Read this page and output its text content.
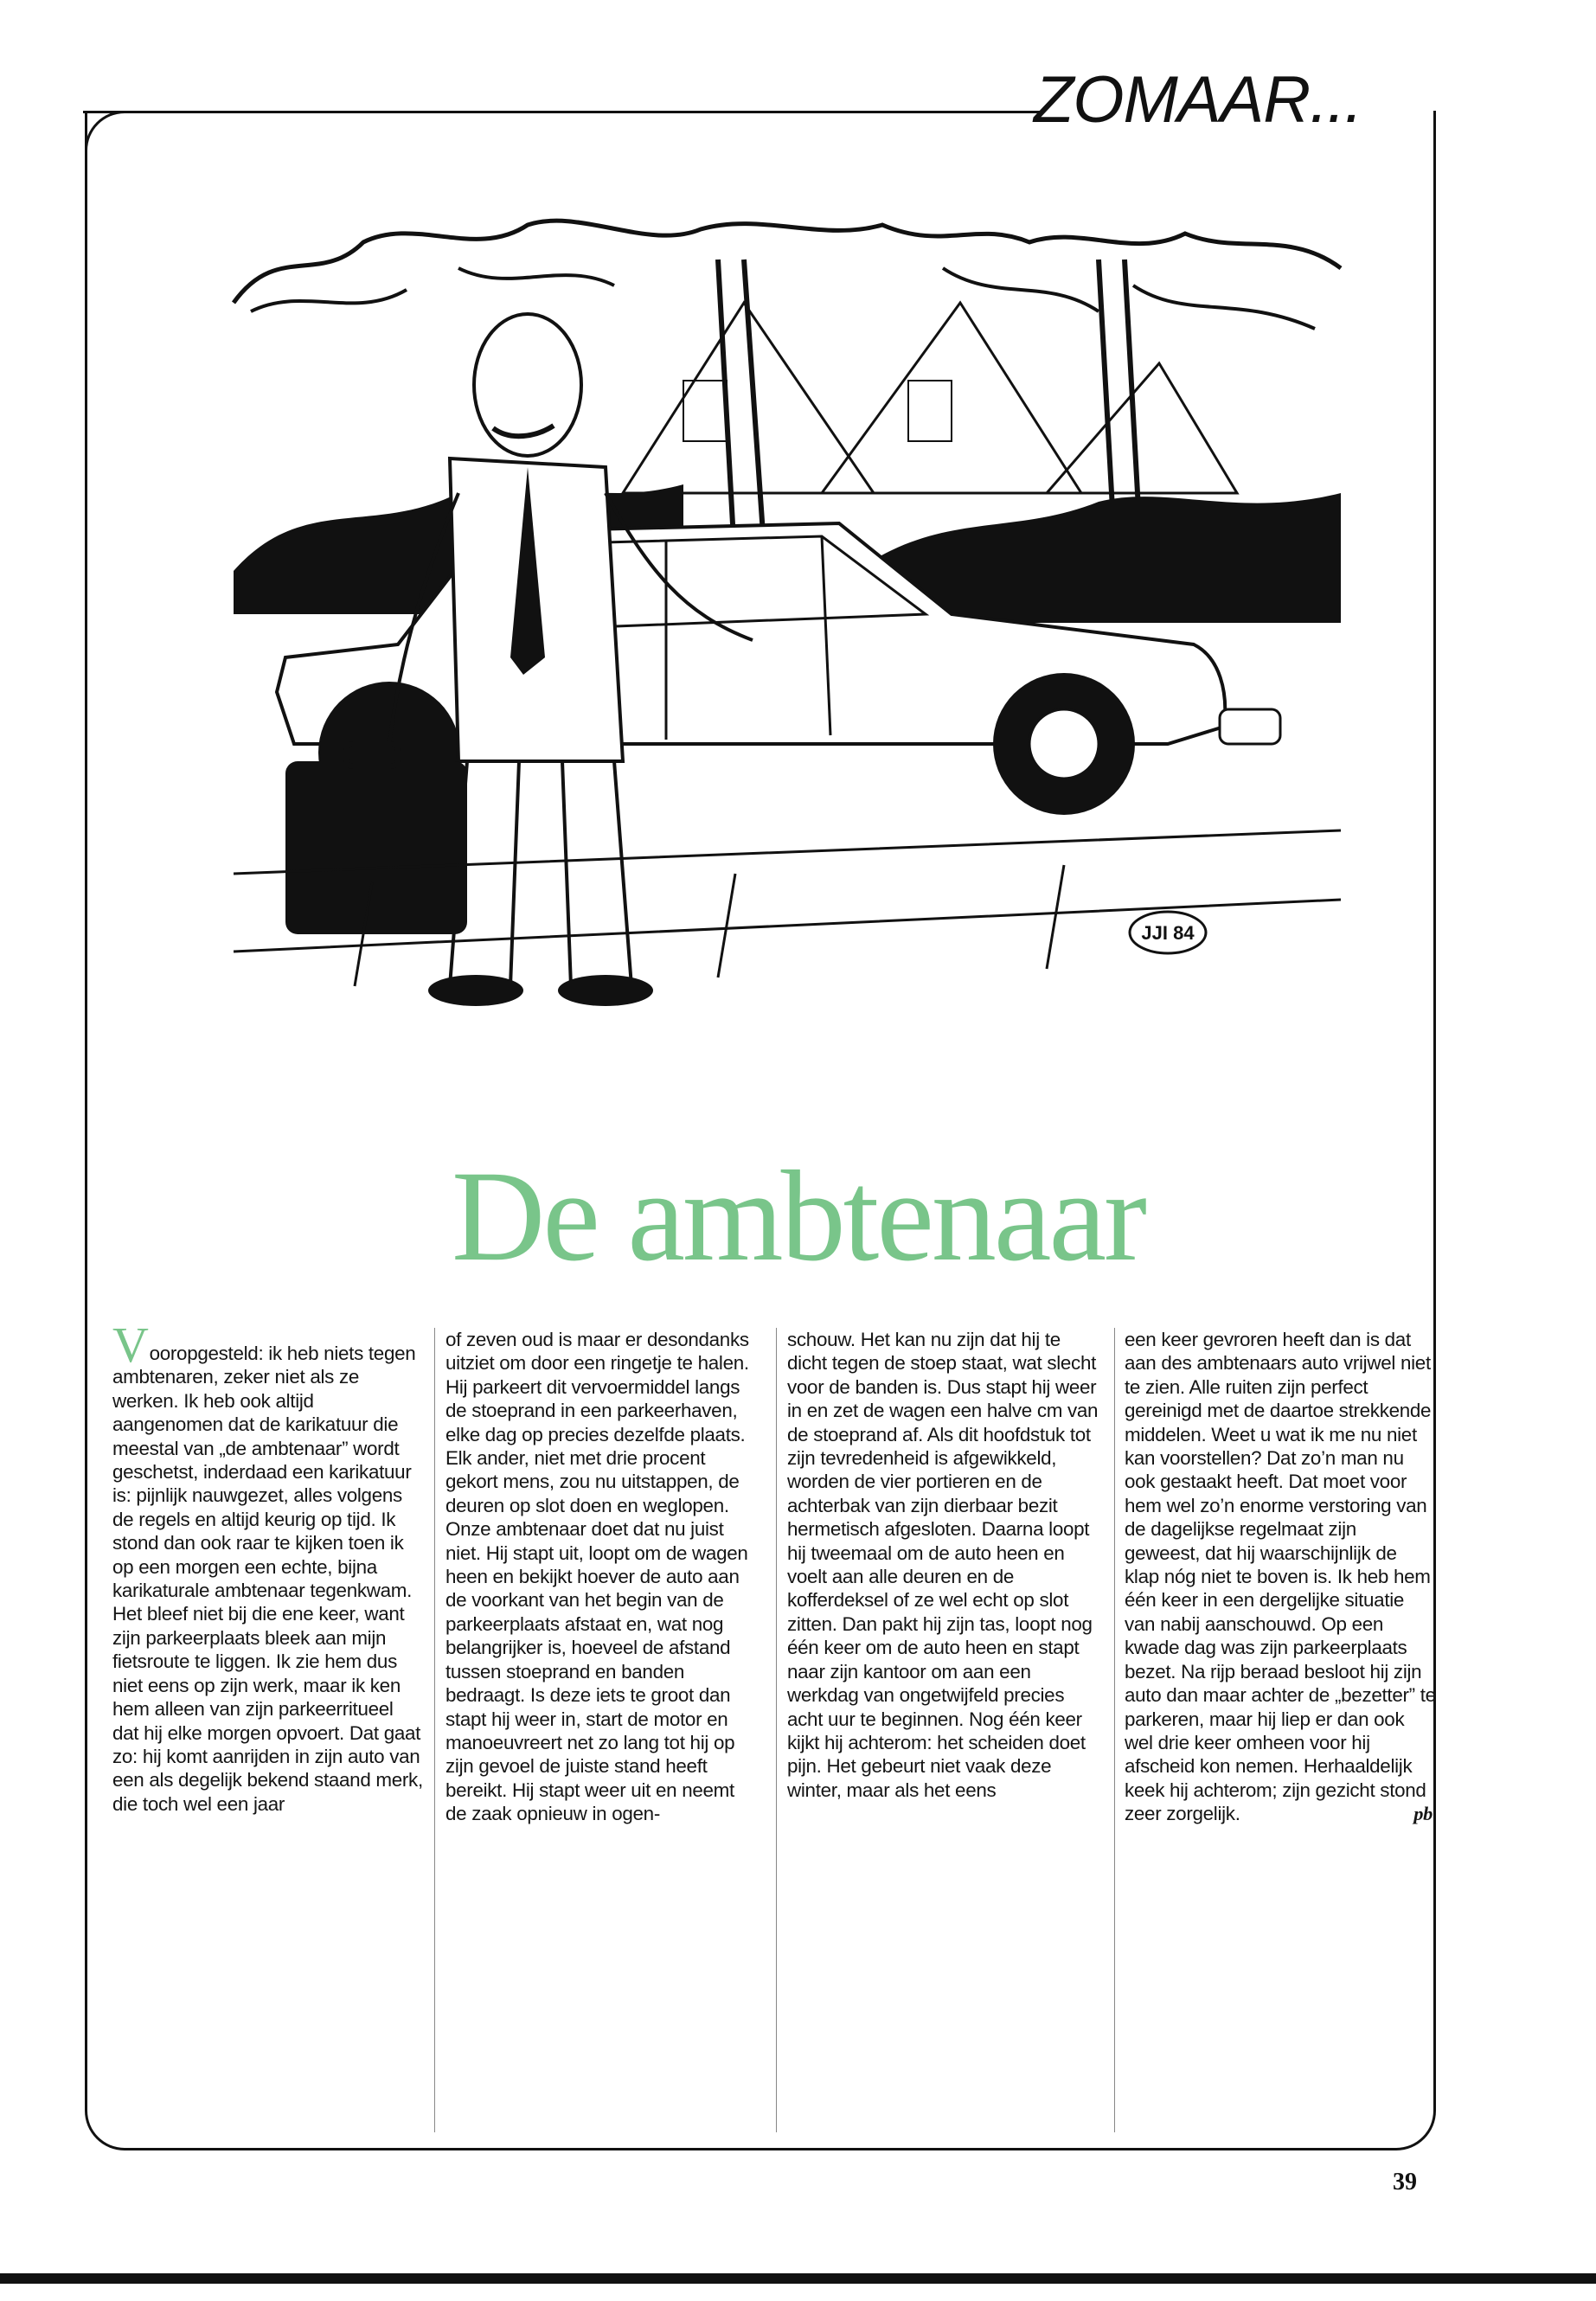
ZOMAAR...
JJI 84
De ambtenaar

Vooropgesteld: ik heb niets tegen ambtenaren, zeker niet als ze werken. Ik heb ook altijd aangenomen dat de karikatuur die meestal van „de ambtenaar” wordt geschetst, inderdaad een karikatuur is: pijnlijk nauwgezet, alles volgens de regels en altijd keurig op tijd. Ik stond dan ook raar te kijken toen ik op een morgen een echte, bijna karikaturale ambtenaar tegenkwam. Het bleef niet bij die ene keer, want zijn parkeerplaats bleek aan mijn fietsroute te liggen. Ik zie hem dus niet eens op zijn werk, maar ik ken hem alleen van zijn parkeerritueel dat hij elke morgen opvoert. Dat gaat zo: hij komt aanrijden in zijn auto van een als degelijk bekend staand merk, die toch wel een jaar

of zeven oud is maar er desondanks uitziet om door een ringetje te halen. Hij parkeert dit vervoermiddel langs de stoeprand in een parkeerhaven, elke dag op precies dezelfde plaats. Elk ander, niet met drie procent gekort mens, zou nu uitstappen, de deuren op slot doen en weglopen. Onze ambtenaar doet dat nu juist niet. Hij stapt uit, loopt om de wagen heen en bekijkt hoever de auto aan de voorkant van het begin van de parkeerplaats afstaat en, wat nog belangrijker is, hoeveel de afstand tussen stoeprand en banden bedraagt. Is deze iets te groot dan stapt hij weer in, start de motor en manoeuvreert net zo lang tot hij op zijn gevoel de juiste stand heeft bereikt. Hij stapt weer uit en neemt de zaak opnieuw in ogen-

schouw. Het kan nu zijn dat hij te dicht tegen de stoep staat, wat slecht voor de banden is. Dus stapt hij weer in en zet de wagen een halve cm van de stoeprand af. Als dit hoofdstuk tot zijn tevredenheid is afgewikkeld, worden de vier portieren en de achterbak van zijn dierbaar bezit hermetisch afgesloten. Daarna loopt hij tweemaal om de auto heen en voelt aan alle deuren en de kofferdeksel of ze wel echt op slot zitten. Dan pakt hij zijn tas, loopt nog één keer om de auto heen en stapt naar zijn kantoor om aan een werkdag van ongetwijfeld precies acht uur te beginnen. Nog één keer kijkt hij achterom: het scheiden doet pijn. Het gebeurt niet vaak deze winter, maar als het eens

een keer gevroren heeft dan is dat aan des ambtenaars auto vrijwel niet te zien. Alle ruiten zijn perfect gereinigd met de daartoe strekkende middelen. Weet u wat ik me nu niet kan voorstellen? Dat zo’n man nu ook gestaakt heeft. Dat moet voor hem wel zo’n enorme verstoring van de dagelijkse regelmaat zijn geweest, dat hij waarschijnlijk de klap nóg niet te boven is. Ik heb hem één keer in een dergelijke situatie van nabij aanschouwd. Op een kwade dag was zijn parkeerplaats bezet. Na rijp beraad besloot hij zijn auto dan maar achter de „bezetter” te parkeren, maar hij liep er dan ook wel drie keer omheen voor hij afscheid kon nemen. Herhaaldelijk keek hij achterom; zijn gezicht stond zeer zorgelijk.	pb

39
